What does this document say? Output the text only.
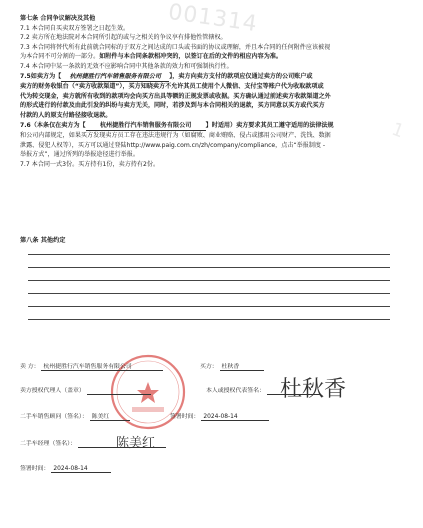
001314
1

第七条 合同争议解决及其他

7.1 本合同自买卖双方签署之日起生效。

7.2 卖方所在地法院对本合同所引起的或与之相关的争议享有排他性管辖权。

7.3 本合同将替代所有此前就合同标的于双方之间达成的口头或书面的协议或理解，并且本合同的任何附件应该被视

为本合同不可分割的一部分。如附件与本合同条款相冲突的，以签订在后的文件的相应内容为准。

7.4 本合同中某一条款的无效不应影响合同中其他条款的效力和可强制执行性。

7.5如卖方为【 杭州捷胜行汽车销售服务有限公司 】，卖方向卖方支付的款项应仅通过卖方的公司账户或

卖方的财务收银台（“卖方收款渠道”），买方知晓卖方不允许其员工使用个人微信、支付宝等账户代为收取款项或

代为转交现金，卖方就所有收到的款项均会向买方出具等额的正规发票或收据。买方确认通过前述卖方收款渠道之外

的形式进行的付款及由此引发的纠纷与卖方无关，同时，若涉及到与本合同相关的退款，买方同意以买方或代买方

付款的人的原支付路径接收退款。

7.6（本条仅在卖方为【 杭州捷胜行汽车销售服务有限公司 】时适用）卖方要求其员工遵守适用的法律法规

和公司内部规定，如果买方发现卖方员工存在违法违规行为（如腐败、商业贿赂、侵占或挪用公司财产、洗钱、数据

泄露、侵犯人权等），买方可以通过登陆http://www.paig.com.cn/zh/company/compliance，点击“举报制度 -

举报方式”，通过所列的举报途径进行举报。

7.7 本合同一式3份。买方持有1份，卖方持有2份。

第八条 其他约定
卖 方： 杭州捷胜行汽车销售服务有限公司	买方： 杜秋香
卖方授权代理人（盖章）	本人或授权代表签名： 杜秋香
二手车销售顾问（签名）： 陈美红	签署时间： 2024-08-14
二手车经理（签名）：	陈美红
签署时间： 2024-08-14
